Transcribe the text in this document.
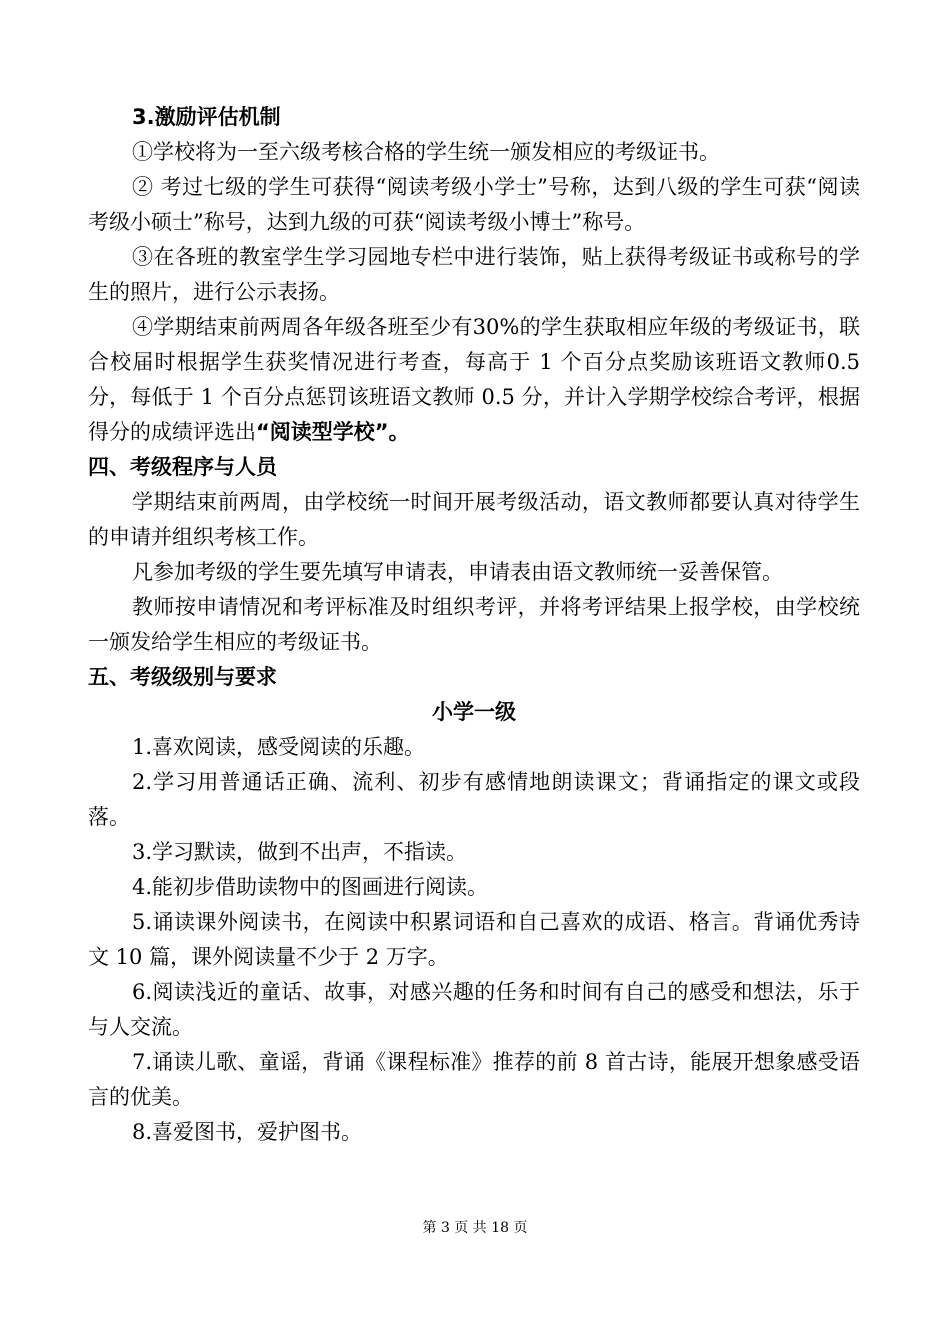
3.激励评估机制

①学校将为一至六级考核合格的学生统一颁发相应的考级证书。

② 考过七级的学生可获得“阅读考级小学士”号称，达到八级的学生可获“阅读考级小硕士”称号，达到九级的可获“阅读考级小博士”称号。

③在各班的教室学生学习园地专栏中进行装饰，贴上获得考级证书或称号的学生的照片，进行公示表扬。

④学期结束前两周各年级各班至少有30%的学生获取相应年级的考级证书，联合校届时根据学生获奖情况进行考查，每高于 1 个百分点奖励该班语文教师0.5分，每低于 1 个百分点惩罚该班语文教师 0.5 分，并计入学期学校综合考评，根据得分的成绩评选出“阅读型学校”。

四、考级程序与人员

学期结束前两周，由学校统一时间开展考级活动，语文教师都要认真对待学生的申请并组织考核工作。

凡参加考级的学生要先填写申请表，申请表由语文教师统一妥善保管。

教师按申请情况和考评标准及时组织考评，并将考评结果上报学校，由学校统一颁发给学生相应的考级证书。

五、考级级别与要求

小学一级

1.喜欢阅读，感受阅读的乐趣。

2.学习用普通话正确、流利、初步有感情地朗读课文；背诵指定的课文或段落。

3.学习默读，做到不出声，不指读。

4.能初步借助读物中的图画进行阅读。

5.诵读课外阅读书，在阅读中积累词语和自己喜欢的成语、格言。背诵优秀诗文 10 篇，课外阅读量不少于 2 万字。

6.阅读浅近的童话、故事，对感兴趣的任务和时间有自己的感受和想法，乐于与人交流。

7.诵读儿歌、童谣，背诵《课程标准》推荐的前 8 首古诗，能展开想象感受语言的优美。

8.喜爱图书，爱护图书。

第 3 页 共 18 页
